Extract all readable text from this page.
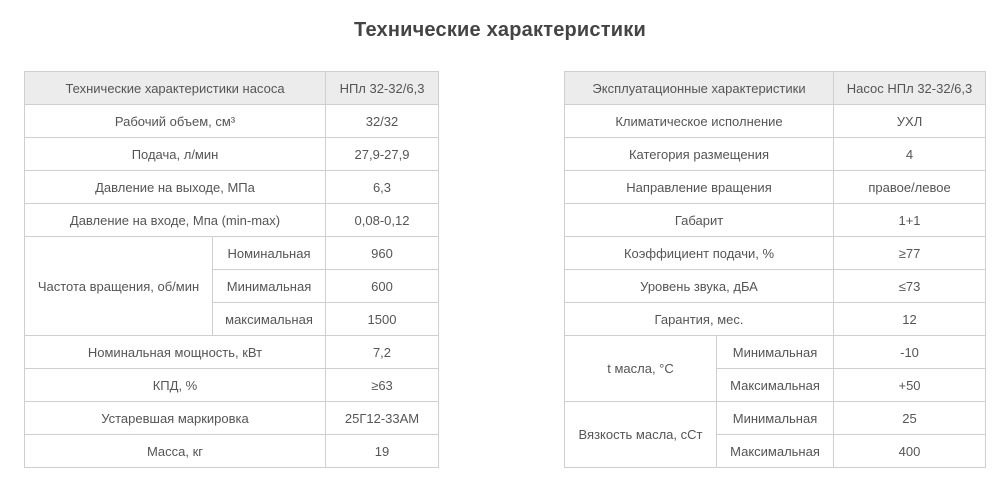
Технические характеристики
Технические характеристики насоса		НПл 32-32/6,3
Рабочий объем, см³		32/32
Подача, л/мин		27,9-27,9
Давление на выходе, МПа		6,3
Давление на входе, Мпа (min-max)		0,08-0,12
Частота вращения, об/мин	Номинальная	960
	Минимальная	600
	максимальная	1500
Номинальная мощность, кВт		7,2
КПД, %		≥63
Устаревшая маркировка		25Г12-33АМ
Масса, кг		19
Эксплуатационные характеристики		Насос НПл 32-32/6,3
Климатическое исполнение		УХЛ
Категория размещения		4
Направление вращения		правое/левое
Габарит		1+1
Коэффициент подачи, %		≥77
Уровень звука, дБА		≤73
Гарантия, мес.		12
t масла, °С	Минимальная	-10
	Максимальная	+50
Вязкость масла, сСт	Минимальная	25
	Максимальная	400
